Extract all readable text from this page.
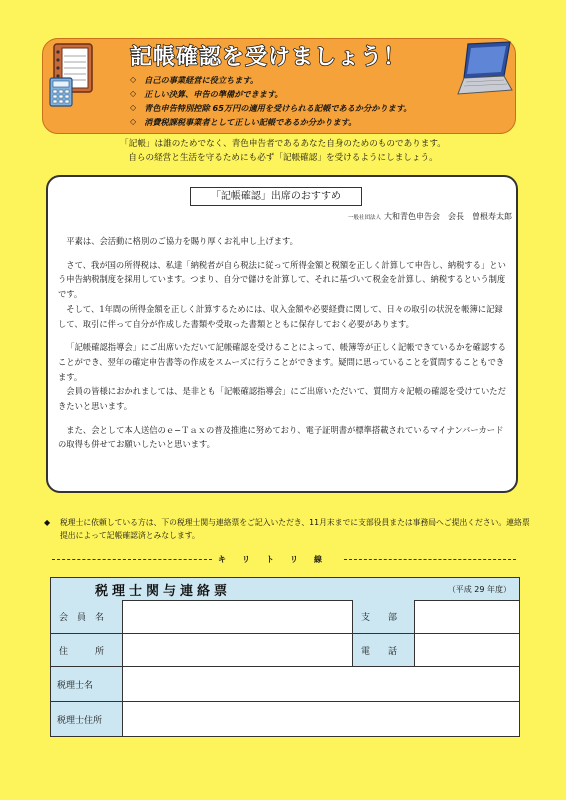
記帳確認を受けましょう！
◇ 自己の事業経営に役立ちます。
◇ 正しい決算、申告の準備ができます。
◇ 青色申告特別控除 65万円の適用を受けられる記帳であるか分かります。
◇ 消費税課税事業者として正しい記帳であるか分かります。
「記帳」は誰のためでなく、青色申告者であるあなた自身のためのものであります。
自らの経営と生活を守るためにも必ず「記帳確認」を受けるようにしましょう。
「記帳確認」出席のおすすめ
一般社団法人 大和青色申告会　会長　曽根寿太郎

平素は、会活動に格別のご協力を賜り厚くお礼申し上げます。

さて、我が国の所得税は、私達「納税者が自ら税法に従って所得金額と税額を正しく計算して申告し、納税する」という申告納税制度を採用しています。つまり、自分で儲けを計算して、それに基づいて税金を計算し、納税するという制度です。

そして、1年間の所得金額を正しく計算するためには、収入金額や必要経費に関して、日々の取引の状況を帳簿に記録して、取引に伴って自分が作成した書類や受取った書類とともに保存しておく必要があります。

「記帳確認指導会」にご出席いただいて記帳確認を受けることによって、帳簿等が正しく記帳できているかを確認することができ、翌年の確定申告書等の作成をスムーズに行うことができます。疑問に思っていることを質問することもできます。

会員の皆様におかれましては、是非とも「記帳確認指導会」にご出席いただいて、質問方々記帳の確認を受けていただきたいと思います。

また、会として本人送信のｅ−Ｔａｘの普及推進に努めており、電子証明書が標準搭載されているマイナンバーカードの取得も併せてお願いしたいと思います。

◆ 税理士に依頼している方は、下の税理士関与連絡票をご記入いただき、11月末までに支部役員または事務局へご提出ください。連絡票提出によって記帳確認済とみなします。
キリトリ線
税理士関与連絡票	（平成 29 年度）
会　員　名	支　　部
住　　　所	電　　話
税理士名
税理士住所
